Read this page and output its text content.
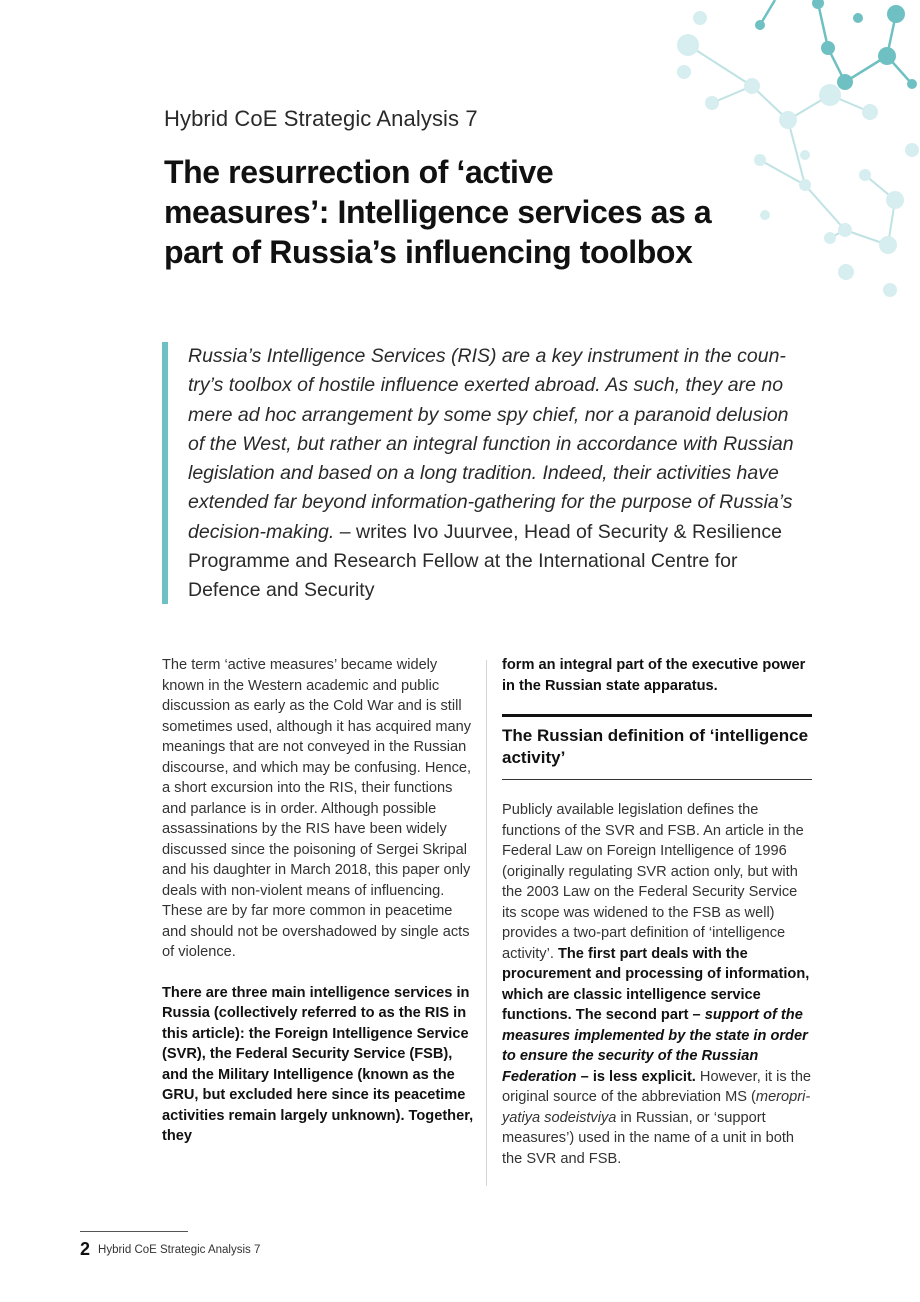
Hybrid CoE Strategic Analysis 7
The resurrection of ‘active measures’: Intelligence services as a part of Russia’s influencing toolbox
Russia’s Intelligence Services (RIS) are a key instrument in the country’s toolbox of hostile influence exerted abroad. As such, they are no mere ad hoc arrangement by some spy chief, nor a paranoid delusion of the West, but rather an integral function in accordance with Russian legislation and based on a long tradition. Indeed, their activities have extended far beyond information-gathering for the purpose of Russia’s decision-making. – writes Ivo Juurvee, Head of Security & Resilience Programme and Research Fellow at the International Centre for Defence and Security

The term ‘active measures’ became widely known in the Western academic and public discussion as early as the Cold War and is still sometimes used, although it has acquired many meanings that are not conveyed in the Russian discourse, and which may be confusing. Hence, a short excursion into the RIS, their functions and parlance is in order. Although possible assassinations by the RIS have been widely discussed since the poisoning of Sergei Skripal and his daughter in March 2018, this paper only deals with non-violent means of influencing. These are by far more common in peacetime and should not be overshadowed by single acts of violence.

There are three main intelligence services in Russia (collectively referred to as the RIS in this article): the Foreign Intelligence Service (SVR), the Federal Security Service (FSB), and the Military Intelligence (known as the GRU, but excluded here since its peacetime activities remain largely unknown). Together, they

form an integral part of the executive power in the Russian state apparatus.

The Russian definition of ‘intelligence activity’

Publicly available legislation defines the functions of the SVR and FSB. An article in the Federal Law on Foreign Intelligence of 1996 (originally regulating SVR action only, but with the 2003 Law on the Federal Security Service its scope was widened to the FSB as well) provides a two-part definition of ‘intelligence activity’. The first part deals with the procurement and processing of information, which are classic intelligence service functions. The second part – support of the measures implemented by the state in order to ensure the security of the Russian Federation – is less explicit. However, it is the original source of the abbreviation MS (meropriyatiya sodeistviya in Russian, or ‘support measures’) used in the name of a unit in both the SVR and FSB.

2 Hybrid CoE Strategic Analysis 7
